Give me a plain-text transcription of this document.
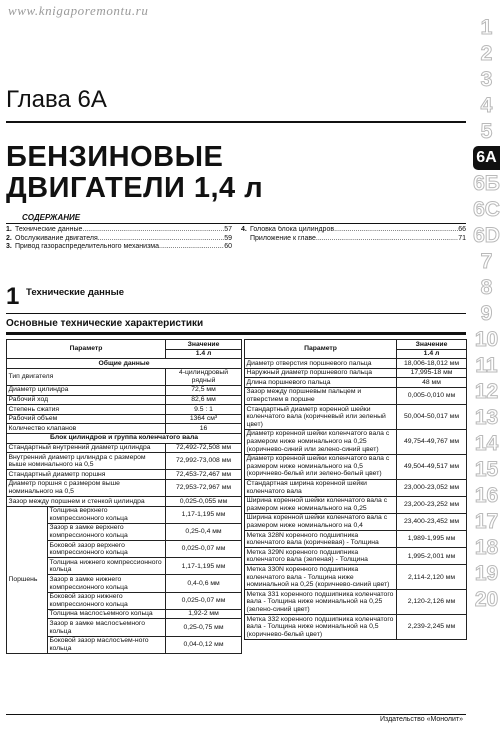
www.knigaporemontu.ru
1
2
3
4
5
6A
6Б
6С
6D
7
8
9
10
11
12
13
14
15
16
17
18
19
20
Глава 6А
БЕНЗИНОВЫЕ
ДВИГАТЕЛИ 1,4 л
СОДЕРЖАНИЕ
1. Технические данные .....	57
2. Обслуживание двигателя .....	59
3. Привод газораспределительного механизма .....	60
4. Головка блока цилиндров .....	66
Приложение к главе .....	71
1 Технические данные
Основные технические характеристики
Параметр		Значение
		1.4 л
Общие данные		
Тип двигателя		4-цилиндровый рядный
Диаметр цилиндра		72,5 мм
Рабочий ход		82,6 мм
Степень сжатия		9.5 : 1
Рабочий объем		1364 см³
Количество клапанов		16
Блок цилиндров и группа коленчатого вала		
Стандартный внутренний диаметр цилиндра		72,492-72,508 мм
Внутренний диаметр цилиндра с размером выше номинального на 0,5		72,992-73,008 мм
Стандартный диаметр поршня		72,453-72,467 мм
Диаметр поршня с размером выше номинального на 0,5		72,953-72,967 мм
Зазор между поршнем и стенкой цилиндра		0,025-0,055 мм
Поршень	Толщина верхнего компрессионного кольца	1,17-1,195 мм
	Зазор в замке верхнего компрессионного кольца	0,25-0,4 мм
	Боковой зазор верхнего компрессионного кольца	0,025-0,07 мм
	Толщина нижнего компрессионного кольца	1,17-1,195 мм
	Зазор в замке нижнего компрессионного кольца	0,4-0,6 мм
	Боковой зазор нижнего компрессионного кольца	0,025-0,07 мм
	Толщина маслосъемного кольца	1,92-2 мм
	Зазор в замке маслосъемного кольца	0,25-0,75 мм
	Боковой зазор маслосъем-ного кольца	0,04-0,12 мм
Параметр	Значение
	1.4 л
Диаметр отверстия поршневого пальца	18,006-18,012 мм
Наружный диаметр поршневого пальца	17,995-18 мм
Длина поршневого пальца	48 мм
Зазор между поршневым пальцем и отверстием в поршне	0,005-0,010 мм
Стандартный диаметр коренной шейки коленчатого вала (коричневый или зеленый цвет)	50,004-50,017 мм
Диаметр коренной шейки коленчатого вала с размером ниже номинального на 0,25 (коричнево-синий или зелено-синий цвет)	49,754-49,767 мм
Диаметр коренной шейки коленчатого вала с размером ниже номинального на 0,5 (коричнево-белый или зелено-белый цвет)	49,504-49,517 мм
Стандартная ширина коренной шейки коленчатого вала	23,000-23,052 мм
Ширина коренной шейки коленчатого вала с размером ниже номинального на 0,25	23,200-23,252 мм
Ширина коренной шейки коленчатого вала с размером ниже номинального на 0,4	23,400-23,452 мм
Метка 328N коренного подшипника коленчатого вала (коричневая) - Толщина	1,989-1,995 мм
Метка 329N коренного подшипника коленчатого вала (зеленая) - Толщина	1,995-2,001 мм
Метка 330N коренного подшипника коленчатого вала - Толщина ниже номинальной на 0,25 (коричнево-синий цвет)	2,114-2,120 мм
Метка 331 коренного подшипника коленчатого вала - Толщина ниже номинальной на 0,25 (зелено-синий цвет)	2,120-2,126 мм
Метка 332 коренного подшипника коленчатого вала - Толщина ниже номинальной на 0,5 (коричнево-белый цвет)	2,239-2,245 мм
Издательство «Монолит»
